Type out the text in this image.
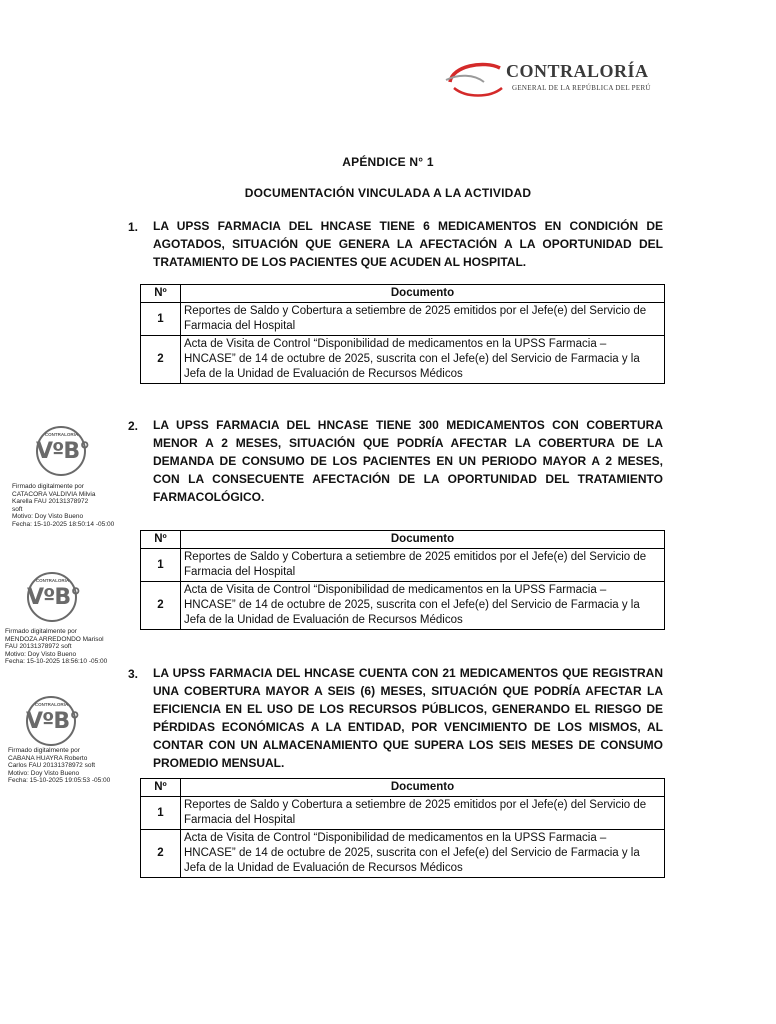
CONTRALORÍA
GENERAL DE LA REPÚBLICA DEL PERÚ
APÉNDICE N° 1
DOCUMENTACIÓN VINCULADA A LA ACTIVIDAD
1. LA UPSS FARMACIA DEL HNCASE TIENE 6 MEDICAMENTOS EN CONDICIÓN DE AGOTADOS, SITUACIÓN QUE GENERA LA AFECTACIÓN A LA OPORTUNIDAD DEL TRATAMIENTO DE LOS PACIENTES QUE ACUDEN AL HOSPITAL.
Nº	Documento
1	Reportes de Saldo y Cobertura a setiembre de 2025 emitidos por el Jefe(e) del Servicio de Farmacia del Hospital
2	Acta de Visita de Control “Disponibilidad de medicamentos en la UPSS Farmacia – HNCASE” de 14 de octubre de 2025, suscrita con el Jefe(e) del Servicio de Farmacia y la Jefa de la Unidad de Evaluación de Recursos Médicos
2. LA UPSS FARMACIA DEL HNCASE TIENE 300 MEDICAMENTOS CON COBERTURA MENOR A 2 MESES, SITUACIÓN QUE PODRÍA AFECTAR LA COBERTURA DE LA DEMANDA DE CONSUMO DE LOS PACIENTES EN UN PERIODO MAYOR A 2 MESES, CON LA CONSECUENTE AFECTACIÓN DE LA OPORTUNIDAD DEL TRATAMIENTO FARMACOLÓGICO.
Nº	Documento
1	Reportes de Saldo y Cobertura a setiembre de 2025 emitidos por el Jefe(e) del Servicio de Farmacia del Hospital
2	Acta de Visita de Control “Disponibilidad de medicamentos en la UPSS Farmacia – HNCASE” de 14 de octubre de 2025, suscrita con el Jefe(e) del Servicio de Farmacia y la Jefa de la Unidad de Evaluación de Recursos Médicos
3. LA UPSS FARMACIA DEL HNCASE CUENTA CON 21 MEDICAMENTOS QUE REGISTRAN UNA COBERTURA MAYOR A SEIS (6) MESES, SITUACIÓN QUE PODRÍA AFECTAR LA EFICIENCIA EN EL USO DE LOS RECURSOS PÚBLICOS, GENERANDO EL RIESGO DE PÉRDIDAS ECONÓMICAS A LA ENTIDAD, POR VENCIMIENTO DE LOS MISMOS, AL CONTAR CON UN ALMACENAMIENTO QUE SUPERA LOS SEIS MESES DE CONSUMO PROMEDIO MENSUAL.
Nº	Documento
1	Reportes de Saldo y Cobertura a setiembre de 2025 emitidos por el Jefe(e) del Servicio de Farmacia del Hospital
2	Acta de Visita de Control “Disponibilidad de medicamentos en la UPSS Farmacia – HNCASE” de 14 de octubre de 2025, suscrita con el Jefe(e) del Servicio de Farmacia y la Jefa de la Unidad de Evaluación de Recursos Médicos
CONTRALORÍA
VºB°
Firmado digitalmente por
CATACORA VALDIVIA Milvia
Karella FAU 20131378972
soft
Motivo: Doy Visto Bueno
Fecha: 15-10-2025 18:50:14 -05:00
CONTRALORÍA
VºB°
Firmado digitalmente por
MENDOZA ARREDONDO Marisol
FAU 20131378972 soft
Motivo: Doy Visto Bueno
Fecha: 15-10-2025 18:56:10 -05:00
CONTRALORÍA
VºB°
Firmado digitalmente por
CABANA HUAYRA Roberto
Carlos FAU 20131378972 soft
Motivo: Doy Visto Bueno
Fecha: 15-10-2025 19:05:53 -05:00
